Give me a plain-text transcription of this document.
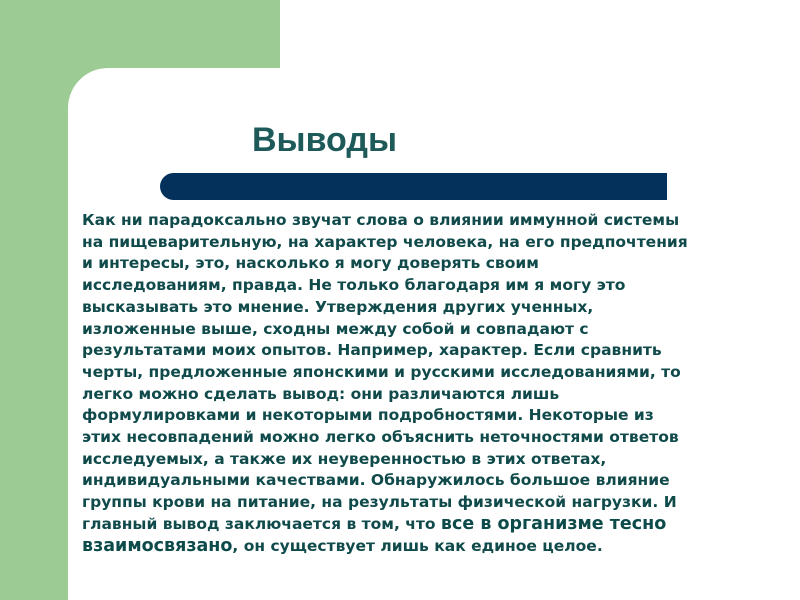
Выводы

Как ни парадоксально звучат слова о влиянии иммунной системы
на пищеварительную, на характер человека, на его предпочтения
и интересы, это, насколько я могу доверять своим
исследованиям, правда. Не только благодаря им я могу это
высказывать это мнение. Утверждения других ученных,
изложенные выше, сходны между собой и совпадают с
результатами моих опытов. Например, характер. Если сравнить
черты, предложенные японскими и русскими исследованиями, то
легко можно сделать вывод: они различаются лишь
формулировками и некоторыми подробностями. Некоторые из
этих несовпадений можно легко объяснить неточностями ответов
исследуемых, а также их неуверенностью в этих ответах,
индивидуальными качествами. Обнаружилось большое влияние
группы крови на питание, на результаты физической нагрузки. И
главный вывод заключается в том, что все в организме тесно
взаимосвязано, он существует лишь как единое целое.
